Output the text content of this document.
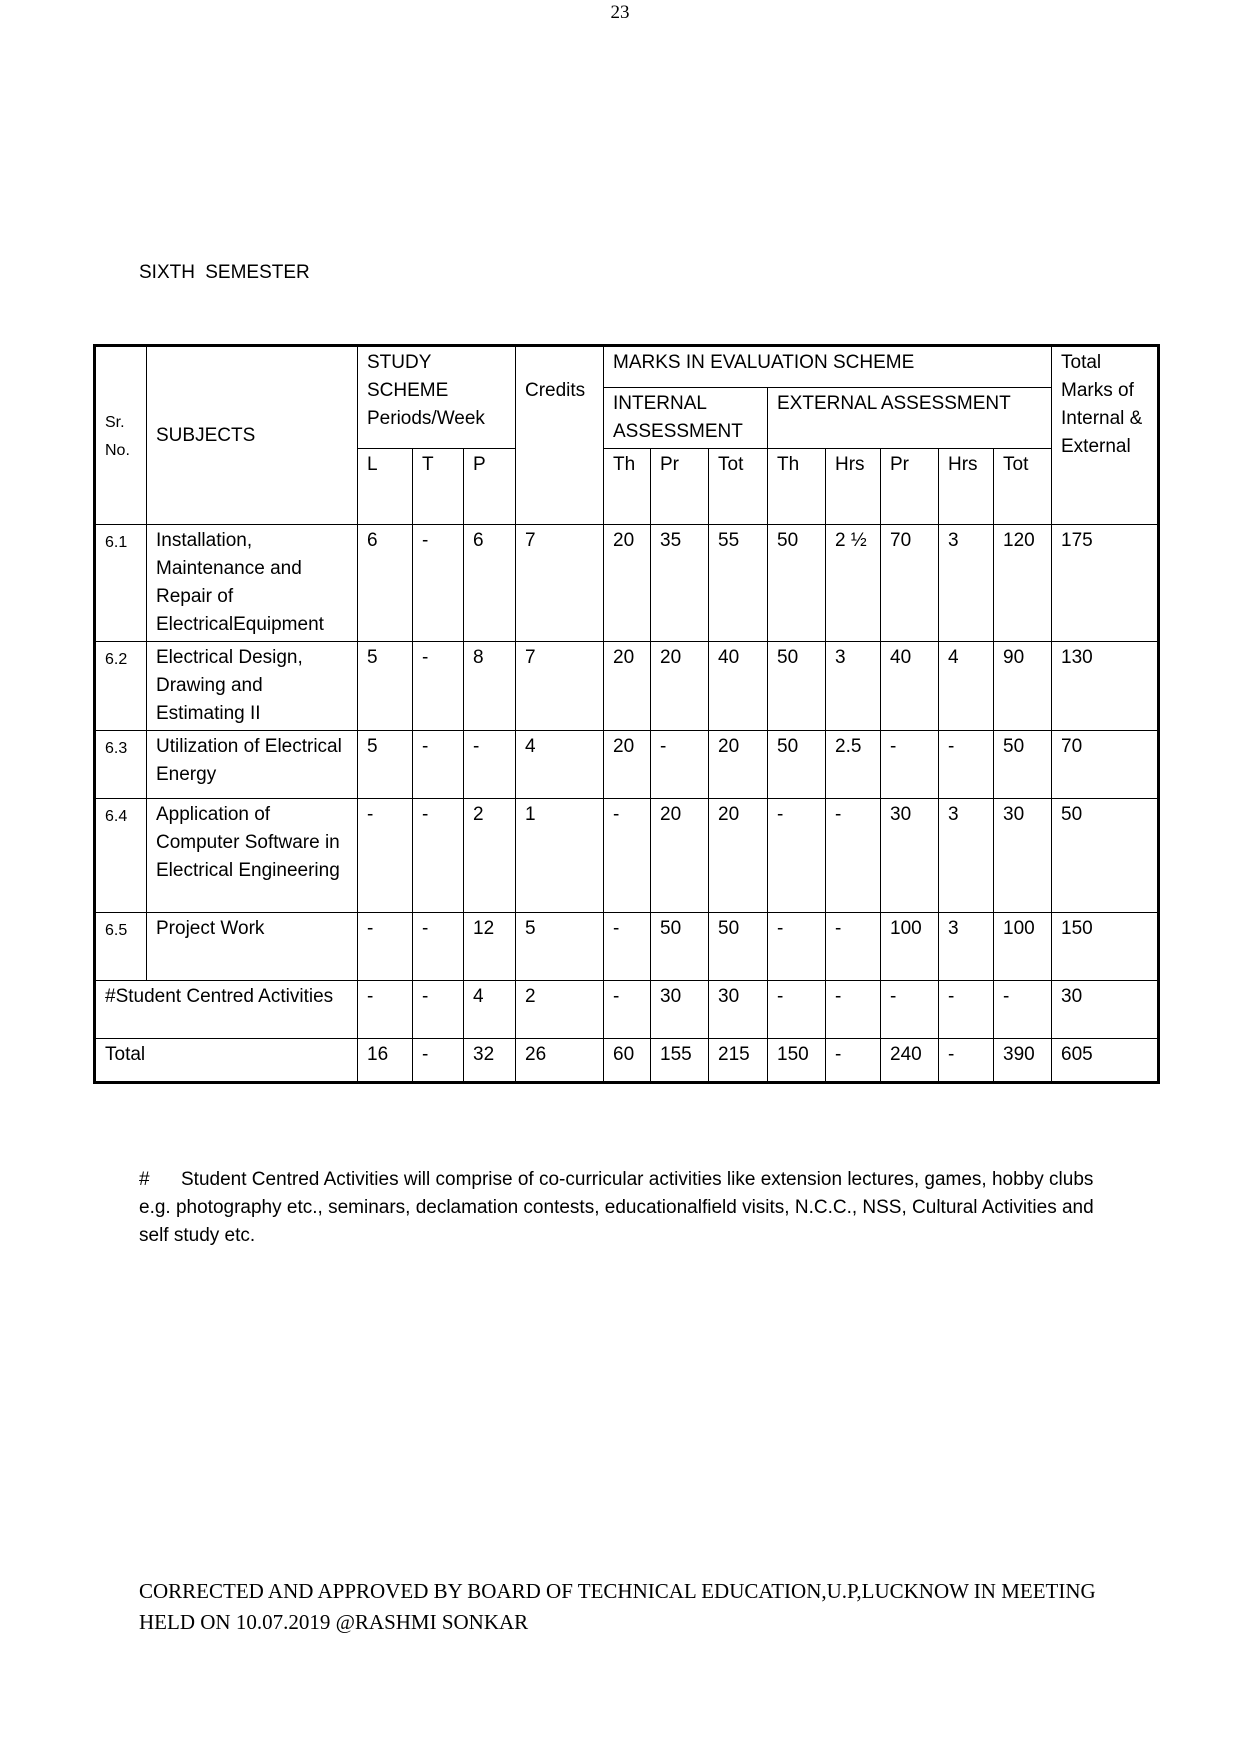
23
SIXTH SEMESTER
Sr. No.	SUBJECTS	STUDY SCHEME Periods/Week			Credits	MARKS IN EVALUATION SCHEME								Total Marks of Internal & External
						INTERNAL ASSESSMENT			EXTERNAL ASSESSMENT					
		L	T	P		Th	Pr	Tot	Th	Hrs	Pr	Hrs	Tot	
6.1	Installation, Maintenance and Repair of ElectricalEquipment	6	-	6	7	20	35	55	50	2 ½	70	3	120	175
6.2	Electrical Design, Drawing and Estimating II	5	-	8	7	20	20	40	50	3	40	4	90	130
6.3	Utilization of Electrical Energy	5	-	-	4	20	-	20	50	2.5	-	-	50	70
6.4	Application of Computer Software in Electrical Engineering	-	-	2	1	-	20	20	-	-	30	3	30	50
6.5	Project Work	-	-	12	5	-	50	50	-	-	100	3	100	150
#Student Centred Activities		-	-	4	2	-	30	30	-	-	-	-	-	30
Total		16	-	32	26	60	155	215	150	-	240	-	390	605
# Student Centred Activities will comprise of co-curricular activities like extension lectures, games, hobby clubs e.g. photography etc., seminars, declamation contests, educationalfield visits, N.C.C., NSS, Cultural Activities and self study etc.
CORRECTED AND APPROVED BY BOARD OF TECHNICAL EDUCATION,U.P,LUCKNOW IN MEETING HELD ON 10.07.2019 @RASHMI SONKAR
